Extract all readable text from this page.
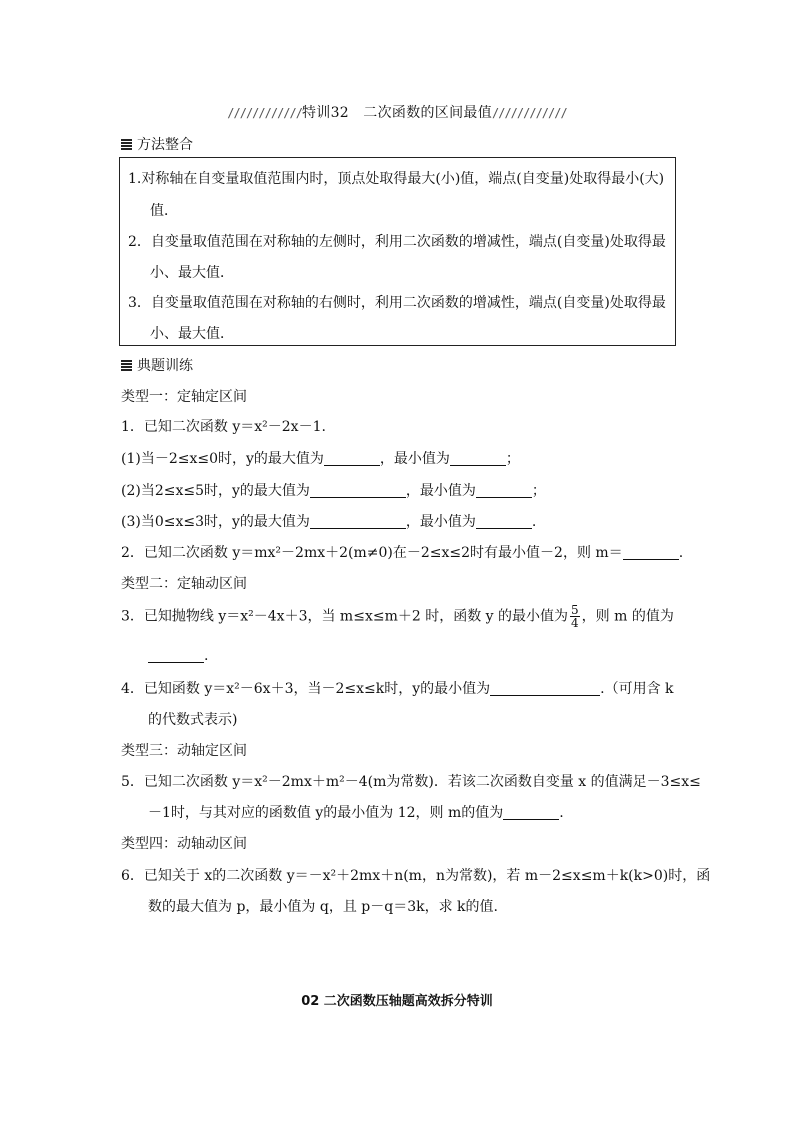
////////////特训32　二次函数的区间最值////////////
方法整合
1.对称轴在自变量取值范围内时，顶点处取得最大(小)值，端点(自变量)处取得最小(大)
值．
2．自变量取值范围在对称轴的左侧时，利用二次函数的增减性，端点(自变量)处取得最
小、最大值．
3．自变量取值范围在对称轴的右侧时，利用二次函数的增减性，端点(自变量)处取得最
小、最大值．
典题训练
类型一：定轴定区间
1．已知二次函数 y＝x²－2x－1.
(1)当－2≤x≤0时，y的最大值为	，最小值为	；
(2)当2≤x≤5时，y的最大值为	，最小值为	；
(3)当0≤x≤3时，y的最大值为	，最小值为	.
2．已知二次函数 y＝mx²－2mx＋2(m≠0)在－2≤x≤2时有最小值－2，则 m＝	.
类型二：定轴动区间
3．已知抛物线 y＝x²－4x＋3，当 m≤x≤m＋2 时，函数 y 的最小值为 $\frac{5}{4}$ ，则 m 的值为
.
4．已知函数 y＝x²－6x＋3，当－2≤x≤k时，y的最小值为	.（可用含 k
的代数式表示)
类型三：动轴定区间
5．已知二次函数 y＝x²－2mx＋m²－4(m为常数)．若该二次函数自变量 x 的值满足－3≤x≤
－1时，与其对应的函数值 y的最小值为 12，则 m的值为	.
类型四：动轴动区间
6．已知关于 x的二次函数 y＝－x²＋2mx＋n(m，n为常数)，若 m－2≤x≤m＋k(k>0)时，函
数的最大值为 p，最小值为 q，且 p－q＝3k，求 k的值.
02 二次函数压轴题高效拆分特训
